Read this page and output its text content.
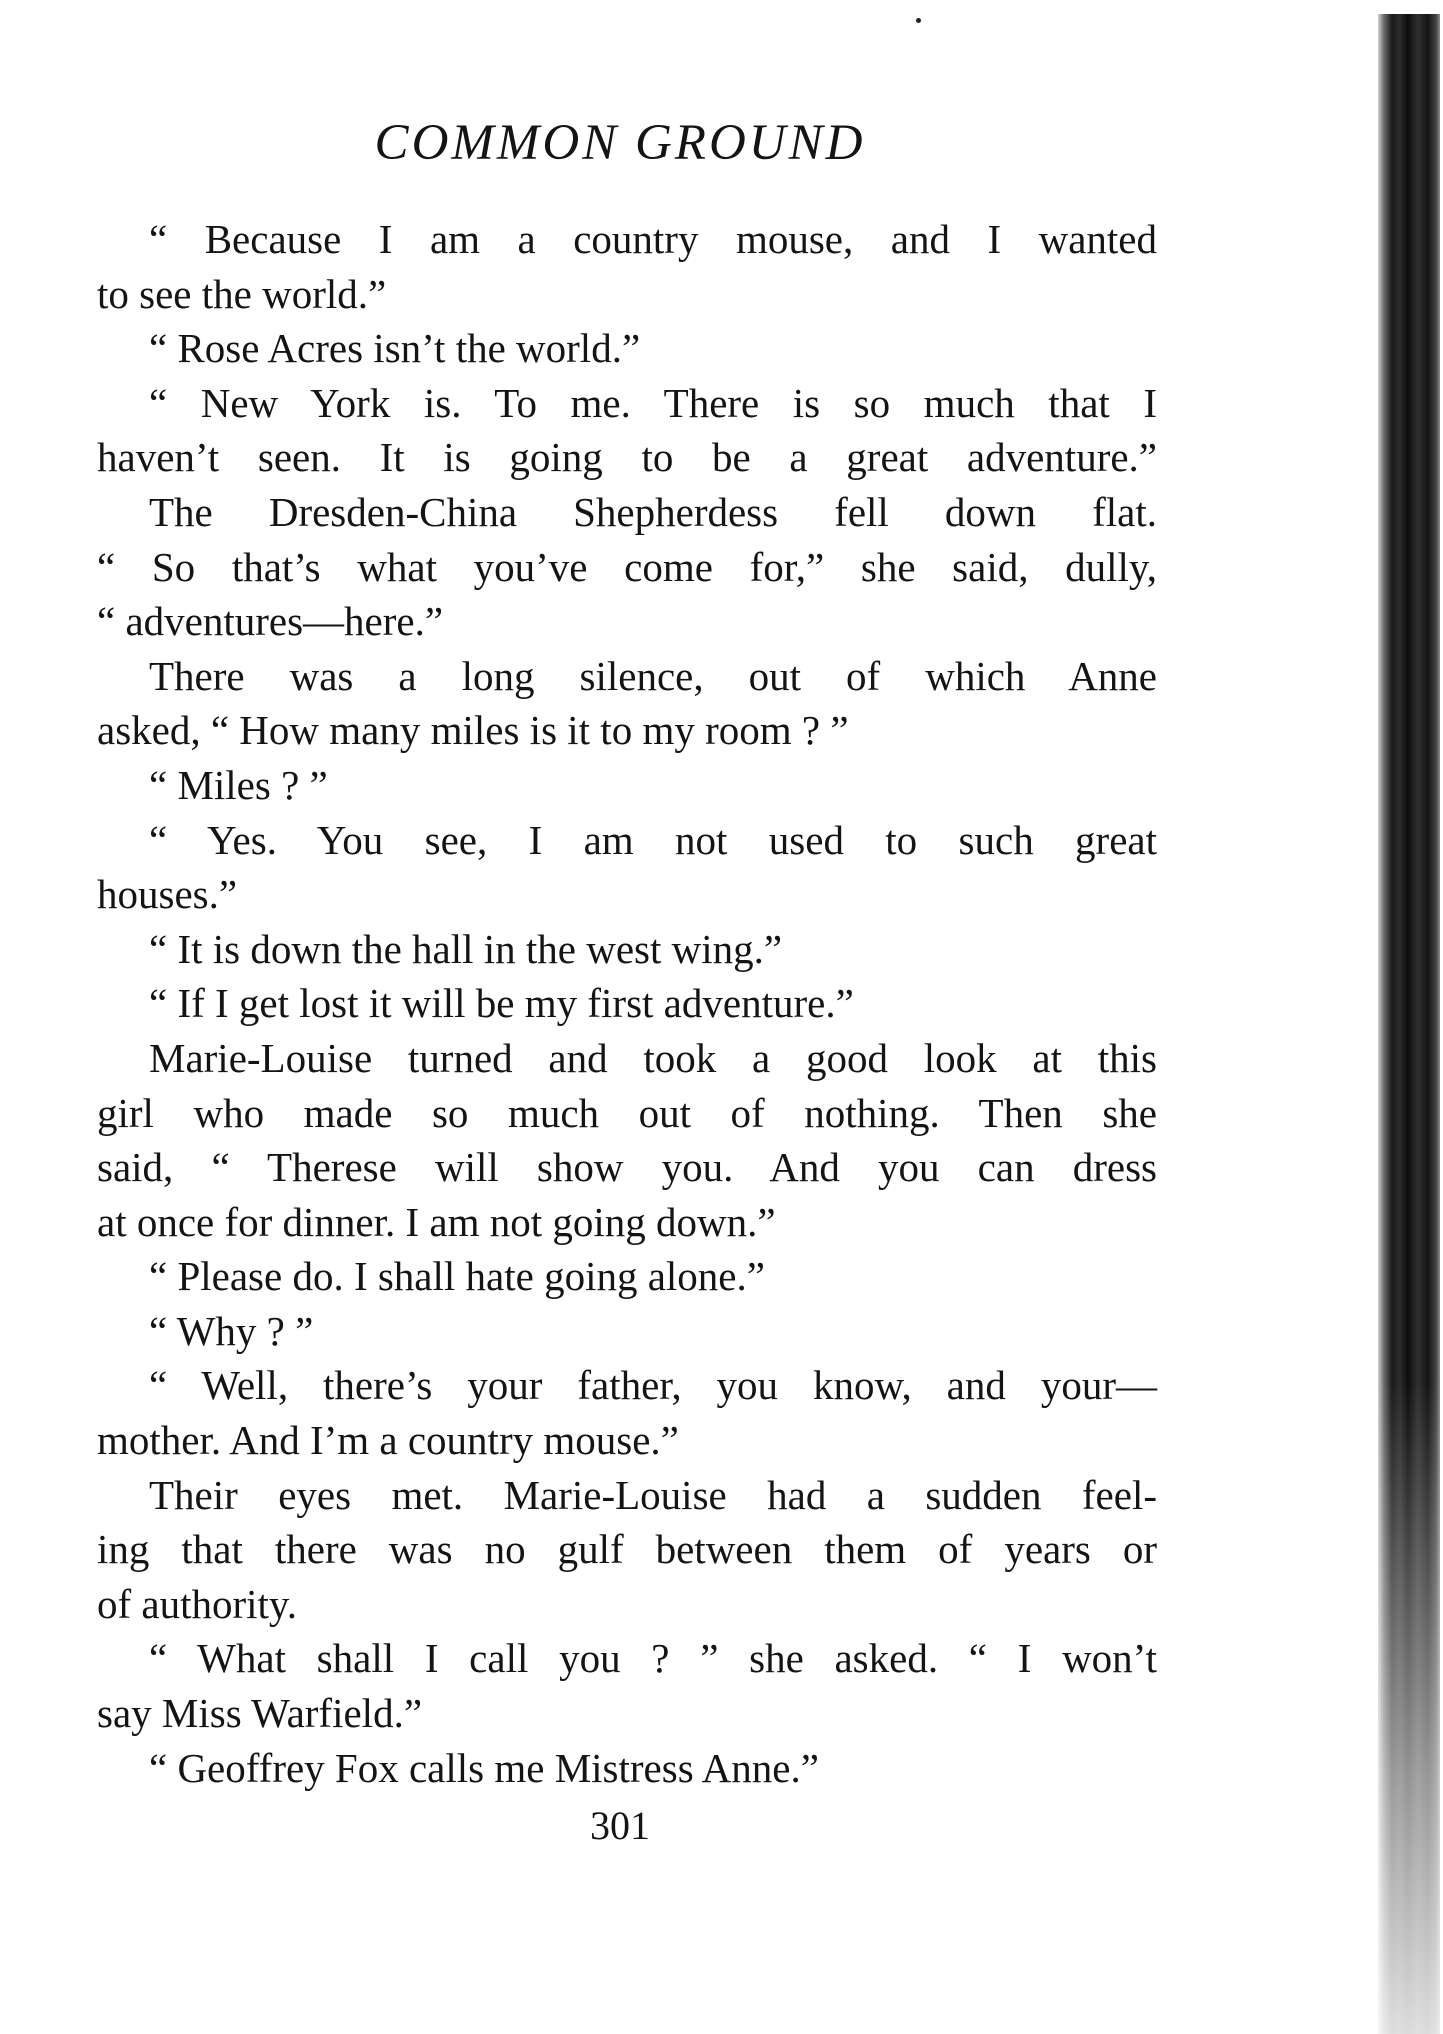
COMMON GROUND
“ Because I am a country mouse, and I wanted
to see the world.”
“ Rose Acres isn’t the world.”
“ New York is. To me. There is so much that I
haven’t seen. It is going to be a great adventure.”
The Dresden-China Shepherdess fell down flat.
“ So that’s what you’ve come for,” she said, dully,
“ adventures—here.”
There was a long silence, out of which Anne
asked, “ How many miles is it to my room ? ”
“ Miles ? ”
“ Yes. You see, I am not used to such great
houses.”
“ It is down the hall in the west wing.”
“ If I get lost it will be my first adventure.”
Marie-Louise turned and took a good look at this
girl who made so much out of nothing. Then she
said, “ Therese will show you. And you can dress
at once for dinner. I am not going down.”
“ Please do. I shall hate going alone.”
“ Why ? ”
“ Well, there’s your father, you know, and your—
mother. And I’m a country mouse.”
Their eyes met. Marie-Louise had a sudden feel-
ing that there was no gulf between them of years or
of authority.
“ What shall I call you ? ” she asked. “ I won’t
say Miss Warfield.”
“ Geoffrey Fox calls me Mistress Anne.”
301
